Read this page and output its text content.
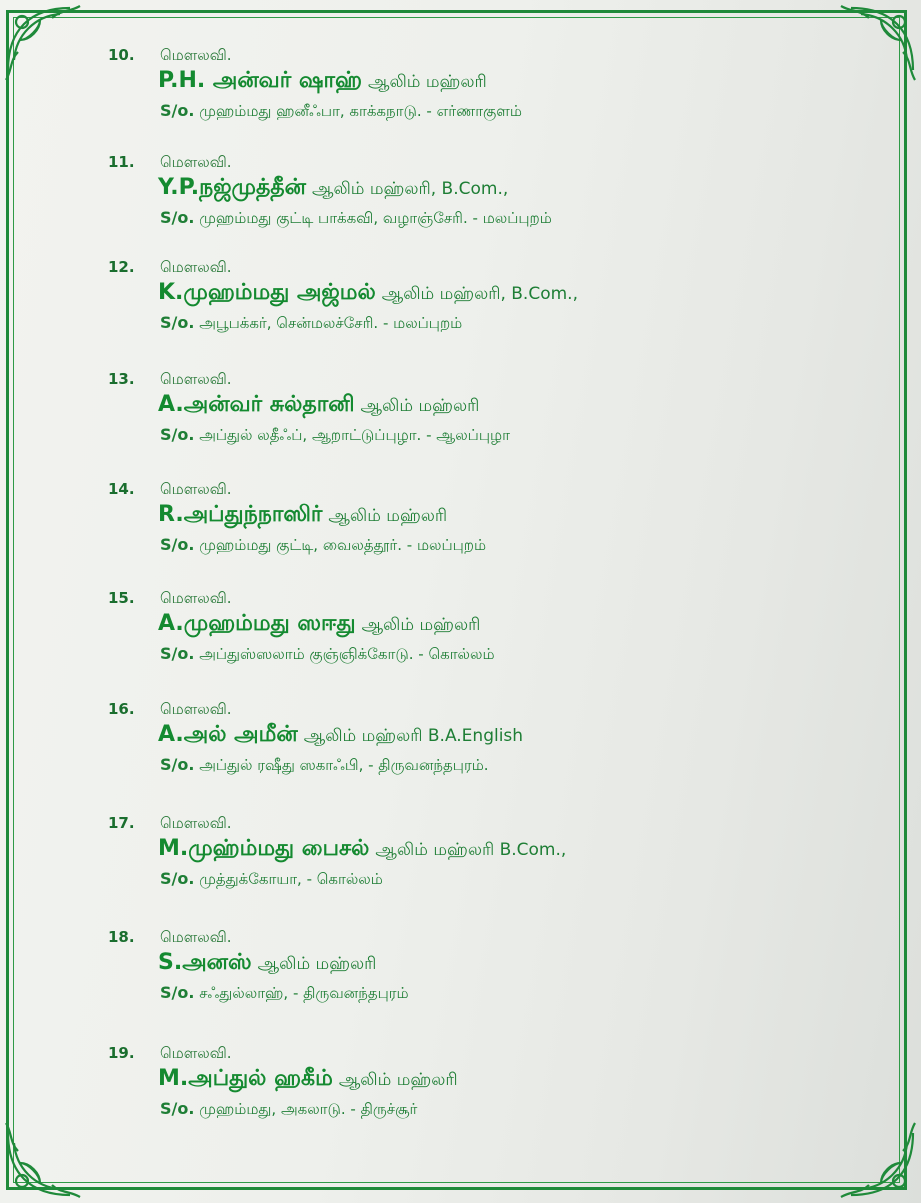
10. மௌலவி.
P.H. அன்வர் ஷாஹ் ஆலிம் மஹ்லரி
S/o. முஹம்மது ஹனீஃபா, காக்கநாடு. - எர்ணாகுளம்
11. மௌலவி.
Y.P.நஜ்முத்தீன் ஆலிம் மஹ்லரி, B.Com.,
S/o. முஹம்மது குட்டி பாக்கவி, வழாஞ்சேரி. - மலப்புறம்
12. மௌலவி.
K.முஹம்மது அஜ்மல் ஆலிம் மஹ்லரி, B.Com.,
S/o. அபூபக்கர், சென்மலச்சேரி. - மலப்புறம்
13. மௌலவி.
A.அன்வர் சுல்தானி ஆலிம் மஹ்லரி
S/o. அப்துல் லதீஃப், ஆறாட்டுப்புழா. - ஆலப்புழா
14. மௌலவி.
R.அப்துந்நாஸிர் ஆலிம் மஹ்லரி
S/o. முஹம்மது குட்டி, வைலத்தூர். - மலப்புறம்
15. மௌலவி.
A.முஹம்மது ஸஈது ஆலிம் மஹ்லரி
S/o. அப்துஸ்ஸலாம் குஞ்ஞிக்கோடு. - கொல்லம்
16. மௌலவி.
A.அல் அமீன் ஆலிம் மஹ்லரி B.A.English
S/o. அப்துல் ரஷீது ஸகாஃபி, - திருவனந்தபுரம்.
17. மௌலவி.
M.முஹ்ம்மது பைசல் ஆலிம் மஹ்லரி B.Com.,
S/o. முத்துக்கோயா, - கொல்லம்
18. மௌலவி.
S.அனஸ் ஆலிம் மஹ்லரி
S/o. சஃதுல்லாஹ், - திருவனந்தபுரம்
19. மௌலவி.
M.அப்துல் ஹகீம் ஆலிம் மஹ்லரி
S/o. முஹம்மது, அகலாடு. - திருச்சூர்
